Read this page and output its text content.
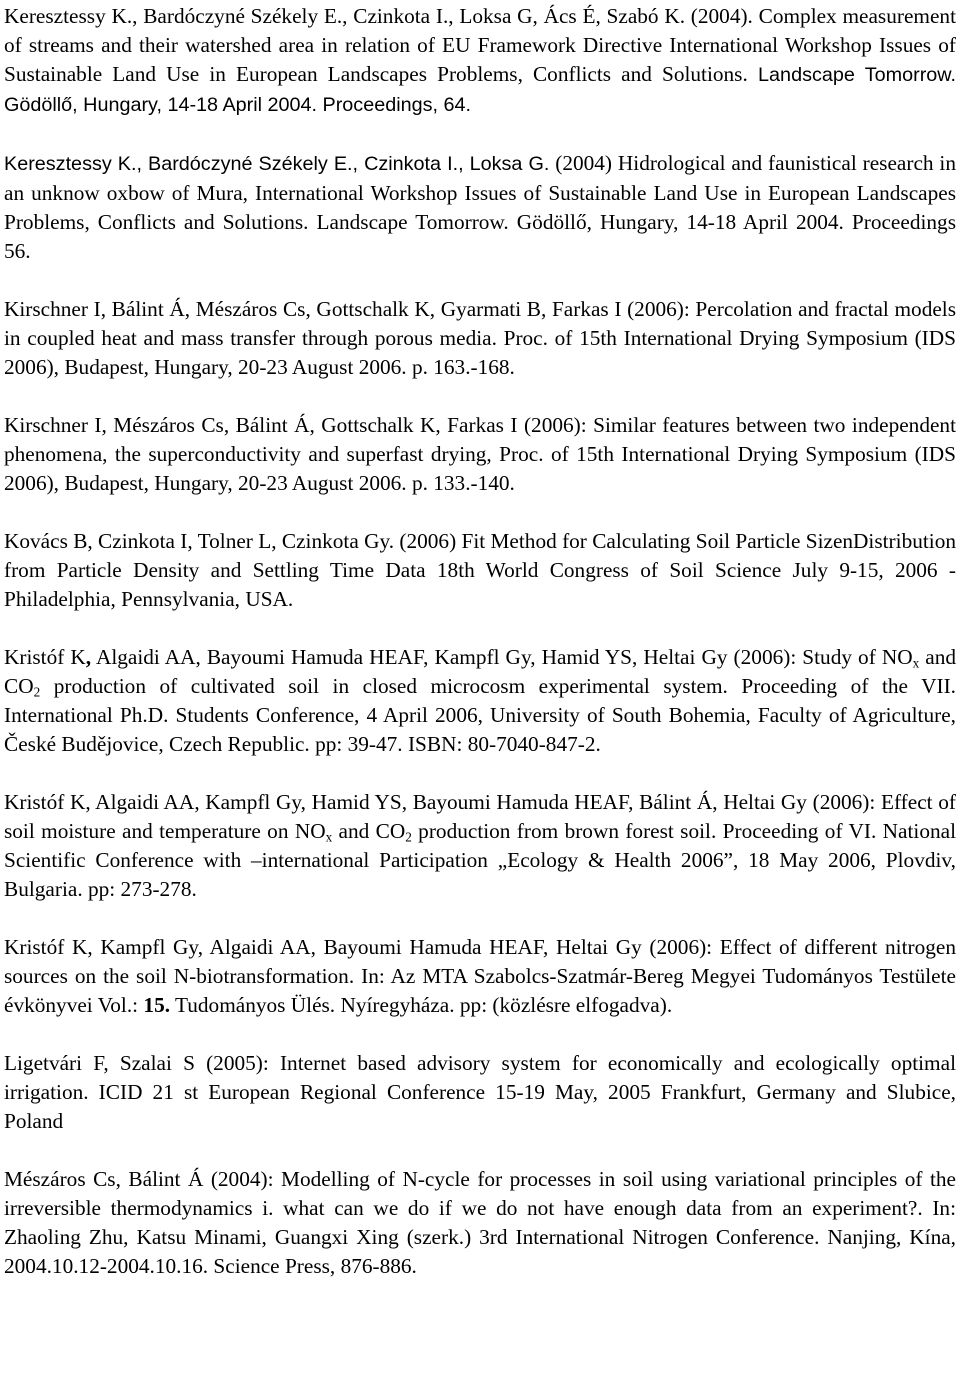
Keresztessy K., Bardóczyné Székely E., Czinkota I., Loksa G, Ács É, Szabó K. (2004). Complex measurement of streams and their watershed area in relation of EU Framework Directive International Workshop Issues of Sustainable Land Use in European Landscapes Problems, Conflicts and Solutions. Landscape Tomorrow. Gödöllő, Hungary, 14-18 April 2004. Proceedings, 64.

Keresztessy K., Bardóczyné Székely E., Czinkota I., Loksa G. (2004) Hidrological and faunistical research in an unknow oxbow of Mura, International Workshop Issues of Sustainable Land Use in European Landscapes Problems, Conflicts and Solutions. Landscape Tomorrow. Gödöllő, Hungary, 14-18 April 2004. Proceedings 56.

Kirschner I, Bálint Á, Mészáros Cs, Gottschalk K, Gyarmati B, Farkas I (2006): Percolation and fractal models in coupled heat and mass transfer through porous media. Proc. of 15th International Drying Symposium (IDS 2006), Budapest, Hungary, 20-23 August 2006. p. 163.-168.

Kirschner I, Mészáros Cs, Bálint Á, Gottschalk K, Farkas I (2006): Similar features between two independent phenomena, the superconductivity and superfast drying, Proc. of 15th International Drying Symposium (IDS 2006), Budapest, Hungary, 20-23 August 2006. p. 133.-140.

Kovács B, Czinkota I, Tolner L, Czinkota Gy. (2006) Fit Method for Calculating Soil Particle SizenDistribution from Particle Density and Settling Time Data 18th World Congress of Soil Science July 9-15, 2006 - Philadelphia, Pennsylvania, USA.

Kristóf K, Algaidi AA, Bayoumi Hamuda HEAF, Kampfl Gy, Hamid YS, Heltai Gy (2006): Study of $NO_x$ and $CO_2$ production of cultivated soil in closed microcosm experimental system. Proceeding of the VII. International Ph.D. Students Conference, 4 April 2006, University of South Bohemia, Faculty of Agriculture, České Budějovice, Czech Republic. pp: 39-47. ISBN: 80-7040-847-2.

Kristóf K, Algaidi AA, Kampfl Gy, Hamid YS, Bayoumi Hamuda HEAF, Bálint Á, Heltai Gy (2006): Effect of soil moisture and temperature on $NO_x$ and $CO_2$ production from brown forest soil. Proceeding of VI. National Scientific Conference with –international Participation „Ecology & Health 2006”, 18 May 2006, Plovdiv, Bulgaria. pp: 273-278.

Kristóf K, Kampfl Gy, Algaidi AA, Bayoumi Hamuda HEAF, Heltai Gy (2006): Effect of different nitrogen sources on the soil N-biotransformation. In: Az MTA Szabolcs-Szatmár-Bereg Megyei Tudományos Testülete évkönyvei Vol.: 15. Tudományos Ülés. Nyíregyháza. pp: (közlésre elfogadva).

Ligetvári F, Szalai S (2005): Internet based advisory system for economically and ecologically optimal irrigation. ICID 21 st European Regional Conference 15-19 May, 2005 Frankfurt, Germany and Slubice, Poland

Mészáros Cs, Bálint Á (2004): Modelling of N-cycle for processes in soil using variational principles of the irreversible thermodynamics i. what can we do if we do not have enough data from an experiment?. In: Zhaoling Zhu, Katsu Minami, Guangxi Xing (szerk.) 3rd International Nitrogen Conference. Nanjing, Kína, 2004.10.12-2004.10.16. Science Press, 876-886.
